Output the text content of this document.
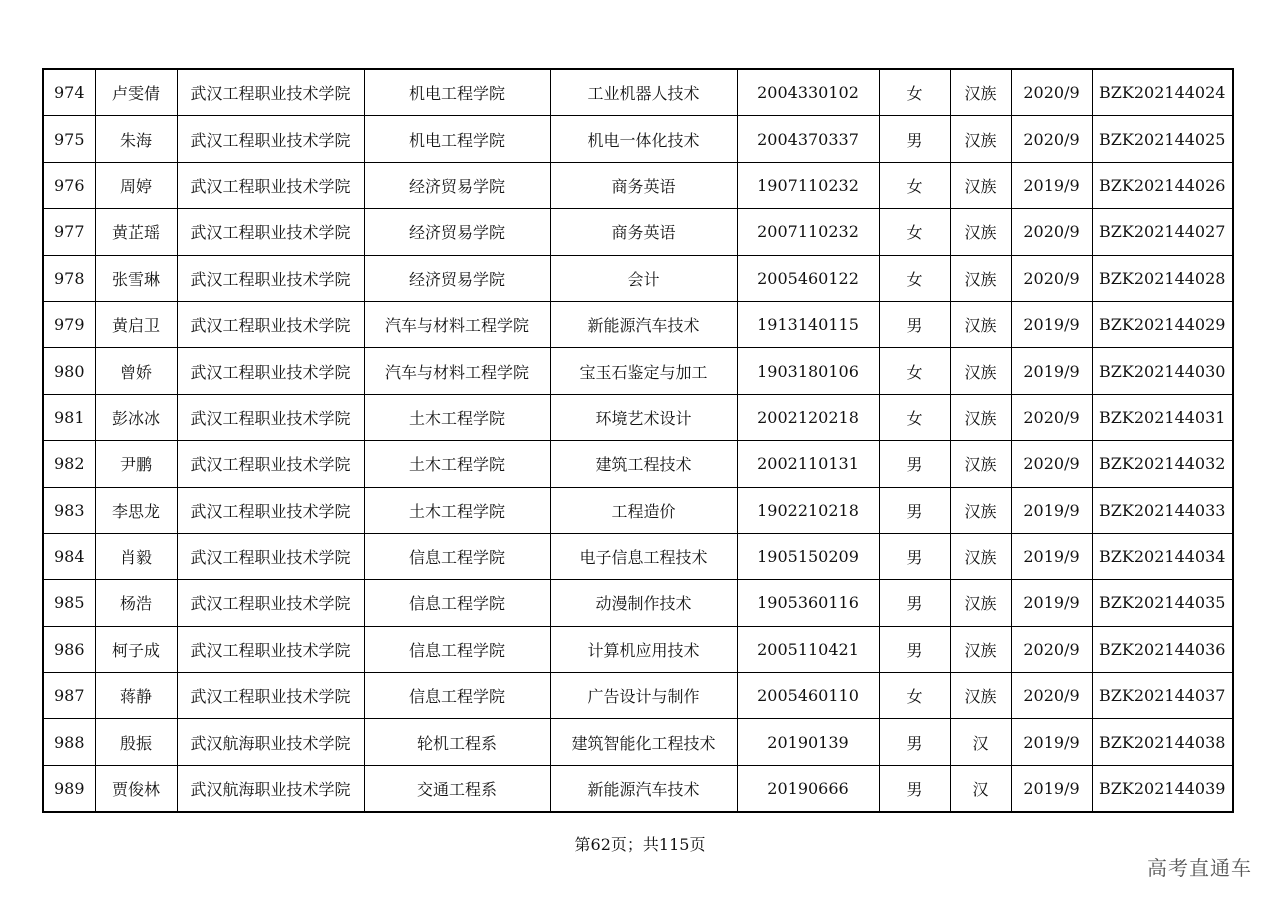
974	卢雯倩	武汉工程职业技术学院	机电工程学院	工业机器人技术	2004330102	女	汉族	2020/9	BZK202144024
975	朱海	武汉工程职业技术学院	机电工程学院	机电一体化技术	2004370337	男	汉族	2020/9	BZK202144025
976	周婷	武汉工程职业技术学院	经济贸易学院	商务英语	1907110232	女	汉族	2019/9	BZK202144026
977	黄芷瑶	武汉工程职业技术学院	经济贸易学院	商务英语	2007110232	女	汉族	2020/9	BZK202144027
978	张雪琳	武汉工程职业技术学院	经济贸易学院	会计	2005460122	女	汉族	2020/9	BZK202144028
979	黄启卫	武汉工程职业技术学院	汽车与材料工程学院	新能源汽车技术	1913140115	男	汉族	2019/9	BZK202144029
980	曾娇	武汉工程职业技术学院	汽车与材料工程学院	宝玉石鉴定与加工	1903180106	女	汉族	2019/9	BZK202144030
981	彭冰冰	武汉工程职业技术学院	土木工程学院	环境艺术设计	2002120218	女	汉族	2020/9	BZK202144031
982	尹鹏	武汉工程职业技术学院	土木工程学院	建筑工程技术	2002110131	男	汉族	2020/9	BZK202144032
983	李思龙	武汉工程职业技术学院	土木工程学院	工程造价	1902210218	男	汉族	2019/9	BZK202144033
984	肖毅	武汉工程职业技术学院	信息工程学院	电子信息工程技术	1905150209	男	汉族	2019/9	BZK202144034
985	杨浩	武汉工程职业技术学院	信息工程学院	动漫制作技术	1905360116	男	汉族	2019/9	BZK202144035
986	柯子成	武汉工程职业技术学院	信息工程学院	计算机应用技术	2005110421	男	汉族	2020/9	BZK202144036
987	蒋静	武汉工程职业技术学院	信息工程学院	广告设计与制作	2005460110	女	汉族	2020/9	BZK202144037
988	殷振	武汉航海职业技术学院	轮机工程系	建筑智能化工程技术	20190139	男	汉	2019/9	BZK202144038
989	贾俊林	武汉航海职业技术学院	交通工程系	新能源汽车技术	20190666	男	汉	2019/9	BZK202144039
第62页；共115页
高考直通车
